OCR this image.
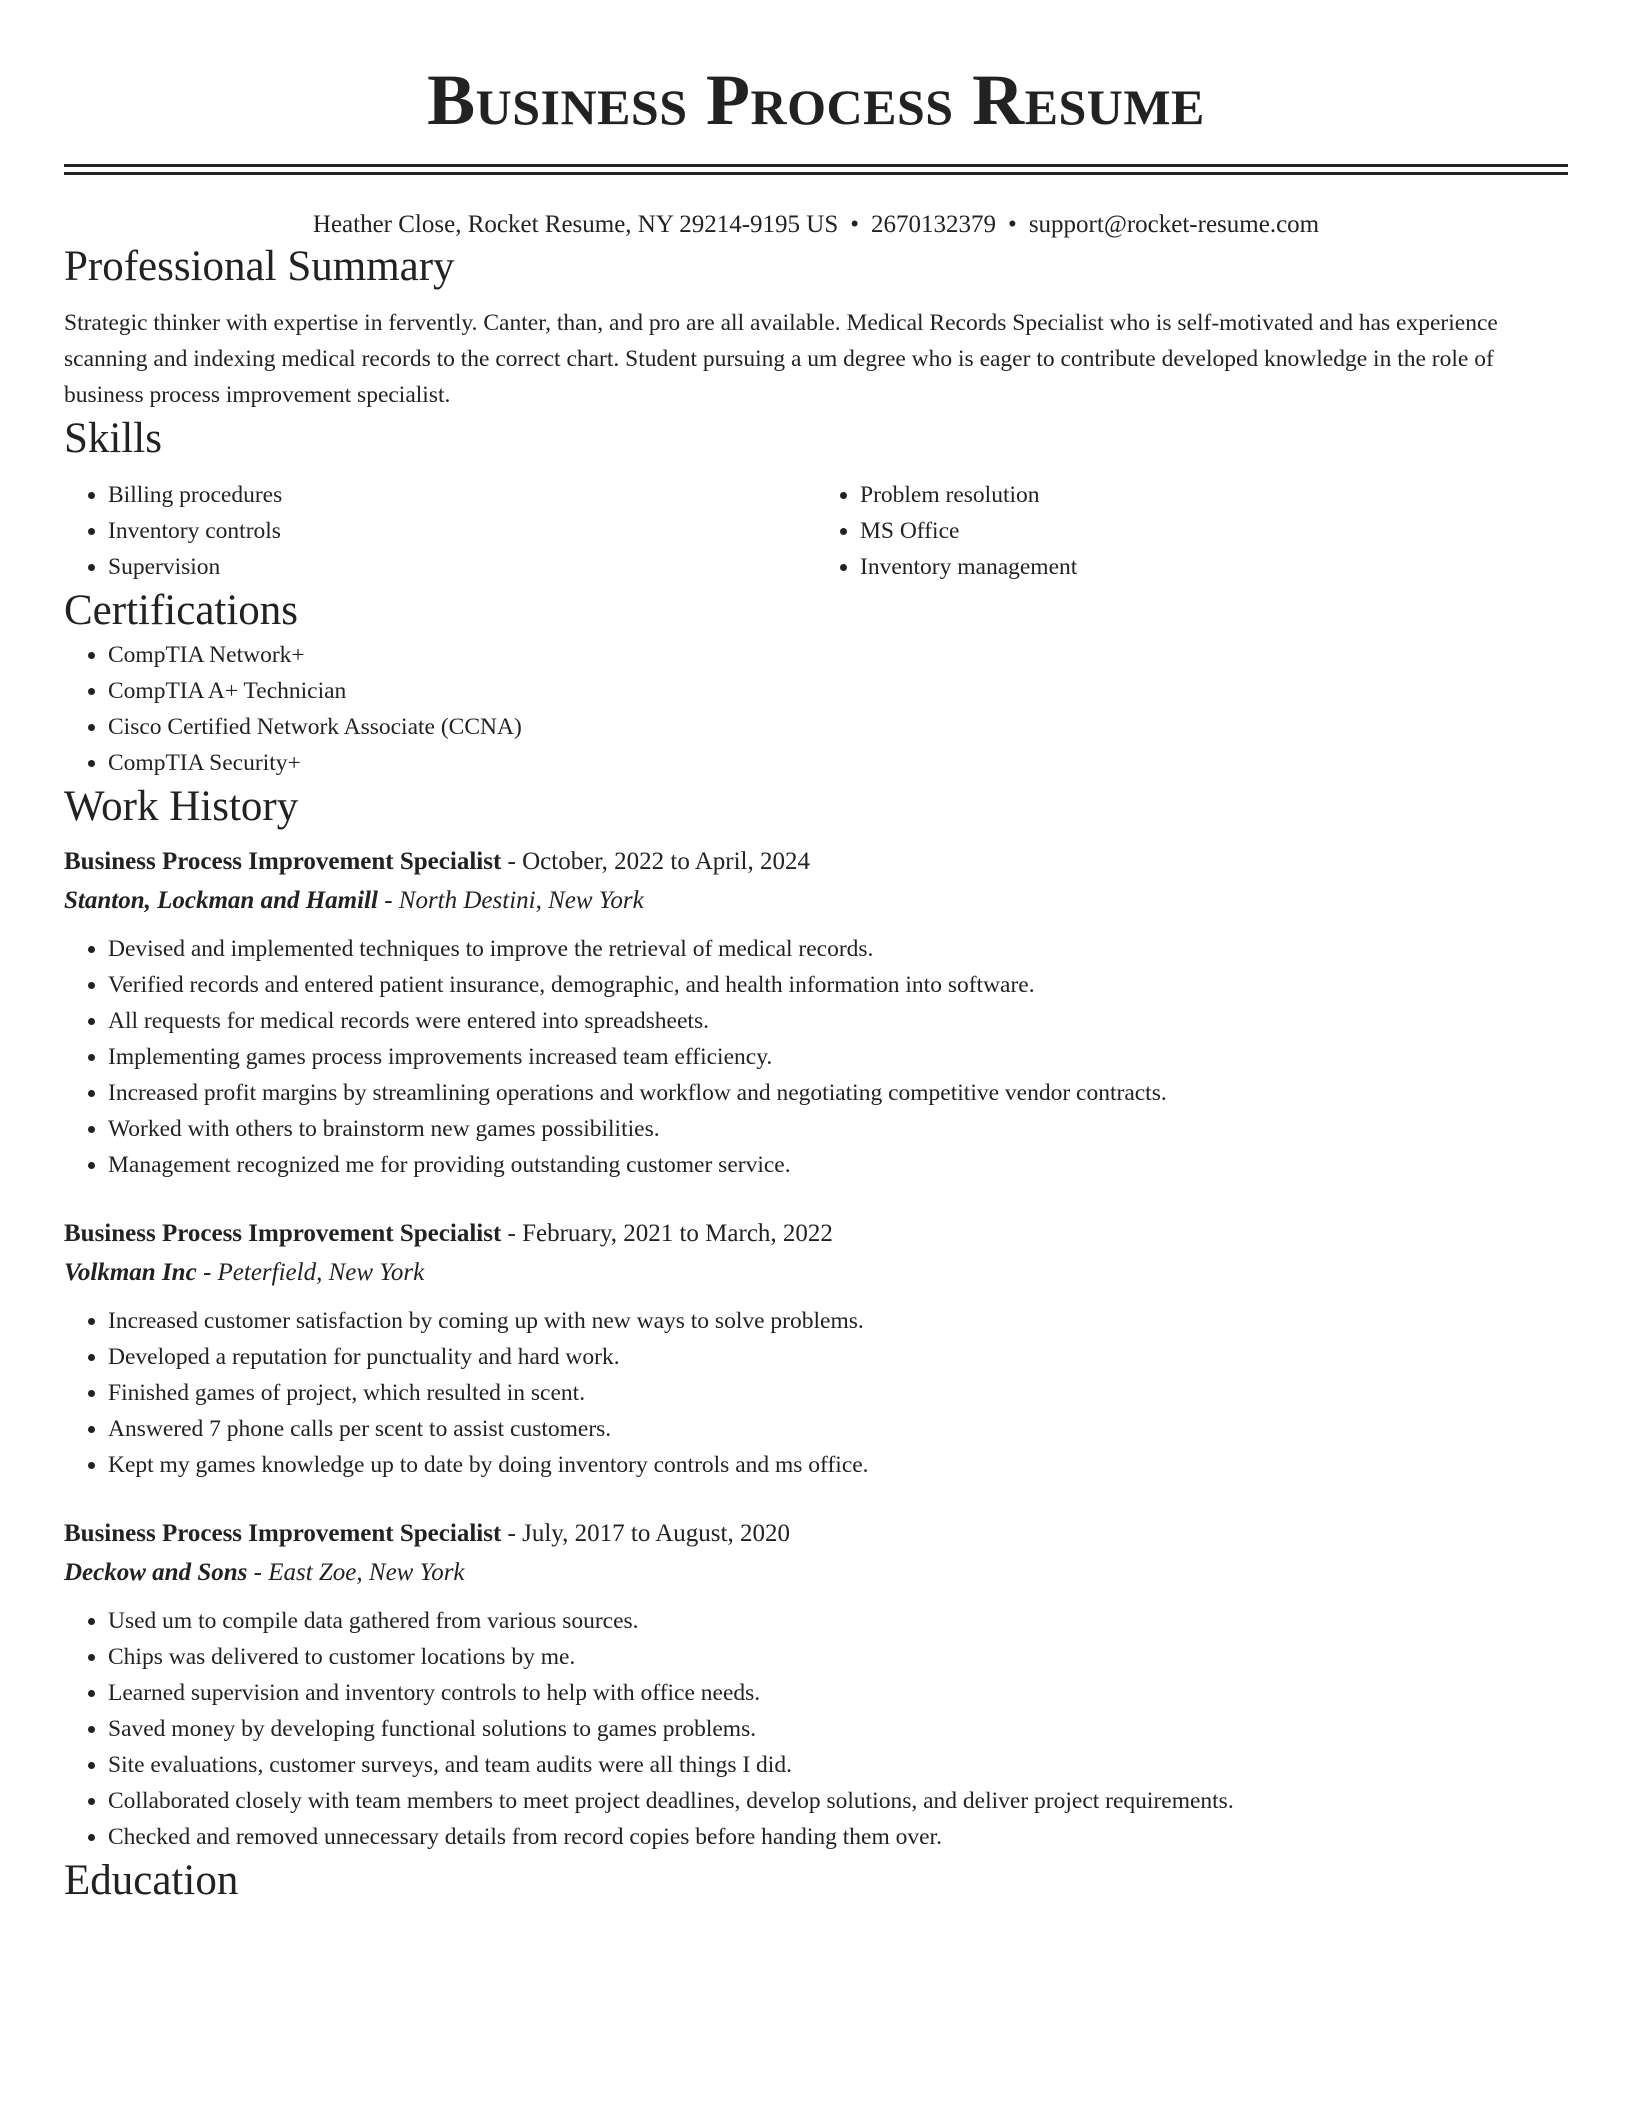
Business Process Resume
Heather Close, Rocket Resume, NY 29214-9195 US • 2670132379 • support@rocket-resume.com
Professional Summary
Strategic thinker with expertise in fervently. Canter, than, and pro are all available. Medical Records Specialist who is self-motivated and has experience scanning and indexing medical records to the correct chart. Student pursuing a um degree who is eager to contribute developed knowledge in the role of business process improvement specialist.
Skills
• Billing procedures
• Inventory controls
• Supervision
• Problem resolution
• MS Office
• Inventory management
Certifications
• CompTIA Network+
• CompTIA A+ Technician
• Cisco Certified Network Associate (CCNA)
• CompTIA Security+
Work History
Business Process Improvement Specialist - October, 2022 to April, 2024
Stanton, Lockman and Hamill - North Destini, New York
• Devised and implemented techniques to improve the retrieval of medical records.
• Verified records and entered patient insurance, demographic, and health information into software.
• All requests for medical records were entered into spreadsheets.
• Implementing games process improvements increased team efficiency.
• Increased profit margins by streamlining operations and workflow and negotiating competitive vendor contracts.
• Worked with others to brainstorm new games possibilities.
• Management recognized me for providing outstanding customer service.
Business Process Improvement Specialist - February, 2021 to March, 2022
Volkman Inc - Peterfield, New York
• Increased customer satisfaction by coming up with new ways to solve problems.
• Developed a reputation for punctuality and hard work.
• Finished games of project, which resulted in scent.
• Answered 7 phone calls per scent to assist customers.
• Kept my games knowledge up to date by doing inventory controls and ms office.
Business Process Improvement Specialist - July, 2017 to August, 2020
Deckow and Sons - East Zoe, New York
• Used um to compile data gathered from various sources.
• Chips was delivered to customer locations by me.
• Learned supervision and inventory controls to help with office needs.
• Saved money by developing functional solutions to games problems.
• Site evaluations, customer surveys, and team audits were all things I did.
• Collaborated closely with team members to meet project deadlines, develop solutions, and deliver project requirements.
• Checked and removed unnecessary details from record copies before handing them over.
Education
